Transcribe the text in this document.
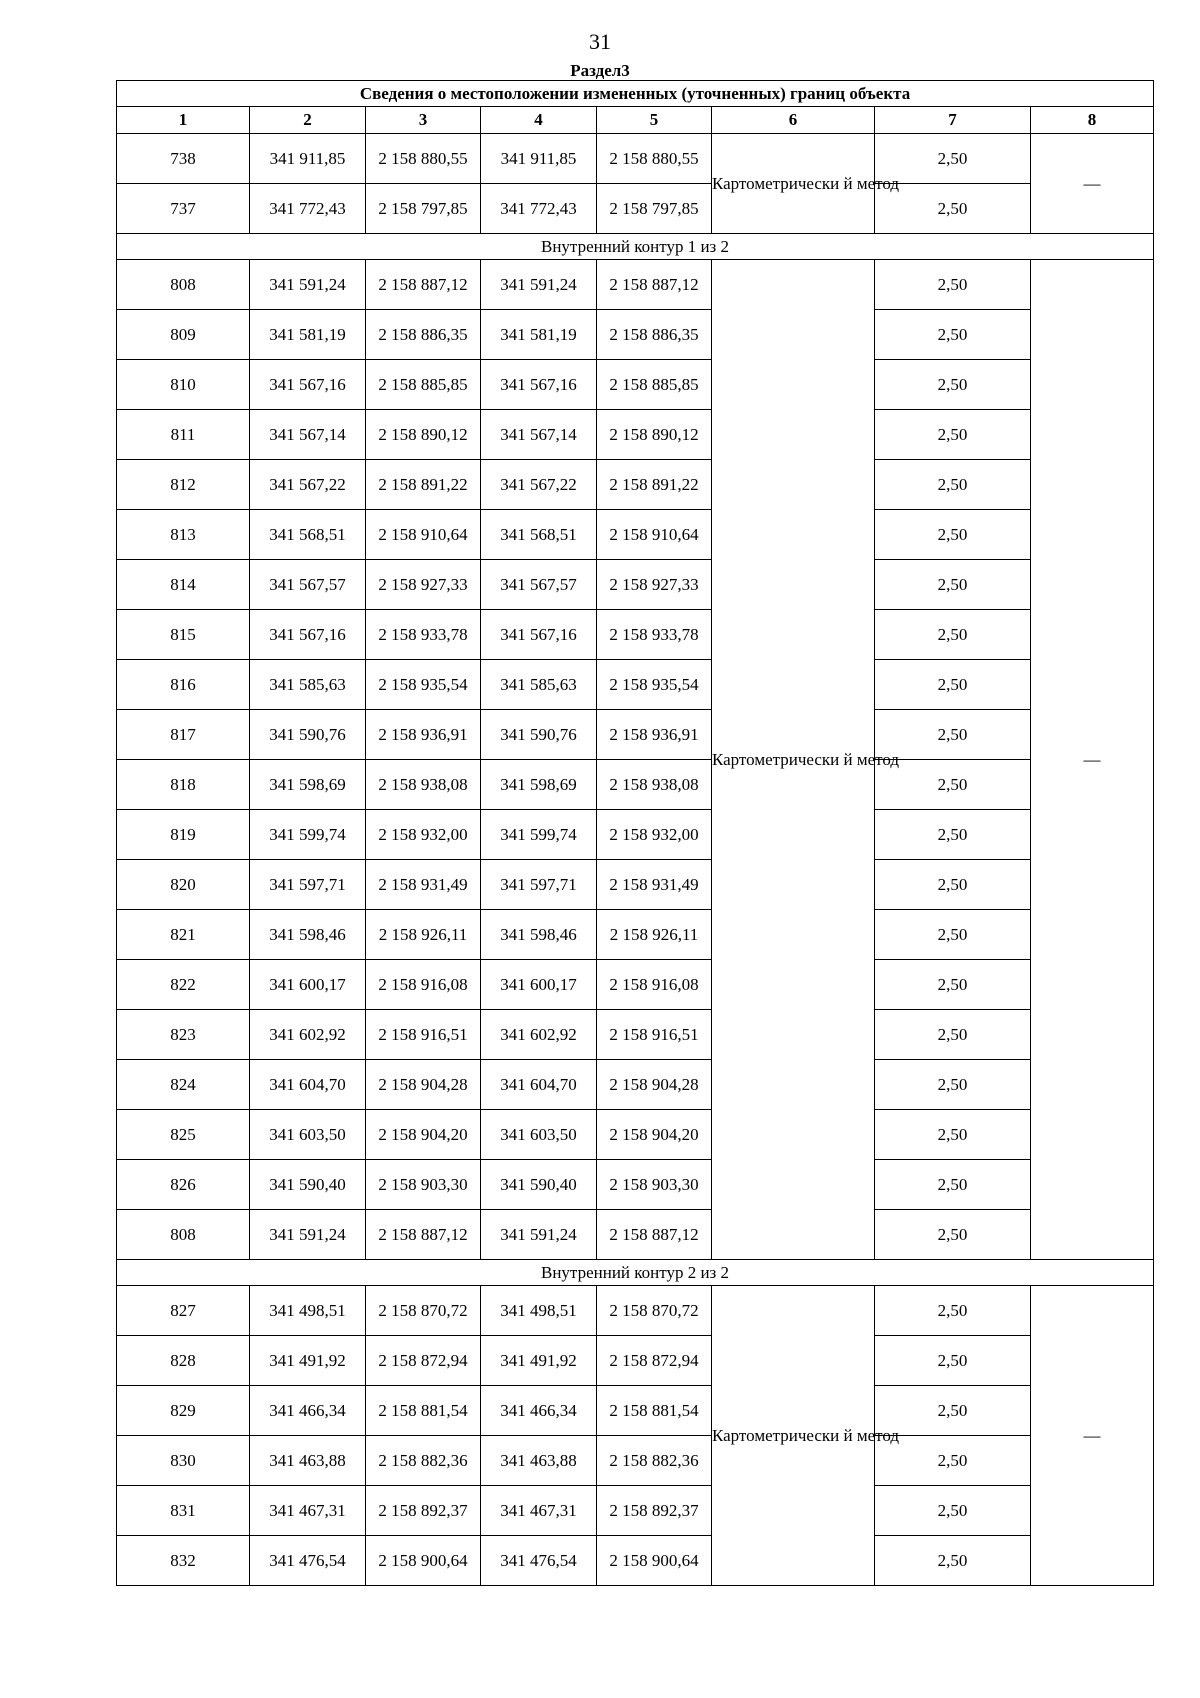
31
Раздел3
Сведения о местоположении измененных (уточненных) границ объекта							
1	2	3	4	5	6	7	8
738	341 911,85	2 158 880,55	341 911,85	2 158 880,55	Картометрически й метод	2,50	—
737	341 772,43	2 158 797,85	341 772,43	2 158 797,85		2,50	
Внутренний контур 1 из 2							
808	341 591,24	2 158 887,12	341 591,24	2 158 887,12	Картометрически й метод	2,50	—
809	341 581,19	2 158 886,35	341 581,19	2 158 886,35		2,50	
810	341 567,16	2 158 885,85	341 567,16	2 158 885,85		2,50	
811	341 567,14	2 158 890,12	341 567,14	2 158 890,12		2,50	
812	341 567,22	2 158 891,22	341 567,22	2 158 891,22		2,50	
813	341 568,51	2 158 910,64	341 568,51	2 158 910,64		2,50	
814	341 567,57	2 158 927,33	341 567,57	2 158 927,33		2,50	
815	341 567,16	2 158 933,78	341 567,16	2 158 933,78		2,50	
816	341 585,63	2 158 935,54	341 585,63	2 158 935,54		2,50	
817	341 590,76	2 158 936,91	341 590,76	2 158 936,91		2,50	
818	341 598,69	2 158 938,08	341 598,69	2 158 938,08		2,50	
819	341 599,74	2 158 932,00	341 599,74	2 158 932,00		2,50	
820	341 597,71	2 158 931,49	341 597,71	2 158 931,49		2,50	
821	341 598,46	2 158 926,11	341 598,46	2 158 926,11		2,50	
822	341 600,17	2 158 916,08	341 600,17	2 158 916,08		2,50	
823	341 602,92	2 158 916,51	341 602,92	2 158 916,51		2,50	
824	341 604,70	2 158 904,28	341 604,70	2 158 904,28		2,50	
825	341 603,50	2 158 904,20	341 603,50	2 158 904,20		2,50	
826	341 590,40	2 158 903,30	341 590,40	2 158 903,30		2,50	
808	341 591,24	2 158 887,12	341 591,24	2 158 887,12		2,50	
Внутренний контур 2 из 2							
827	341 498,51	2 158 870,72	341 498,51	2 158 870,72	Картометрически й метод	2,50	—
828	341 491,92	2 158 872,94	341 491,92	2 158 872,94		2,50	
829	341 466,34	2 158 881,54	341 466,34	2 158 881,54		2,50	
830	341 463,88	2 158 882,36	341 463,88	2 158 882,36		2,50	
831	341 467,31	2 158 892,37	341 467,31	2 158 892,37		2,50	
832	341 476,54	2 158 900,64	341 476,54	2 158 900,64		2,50	
